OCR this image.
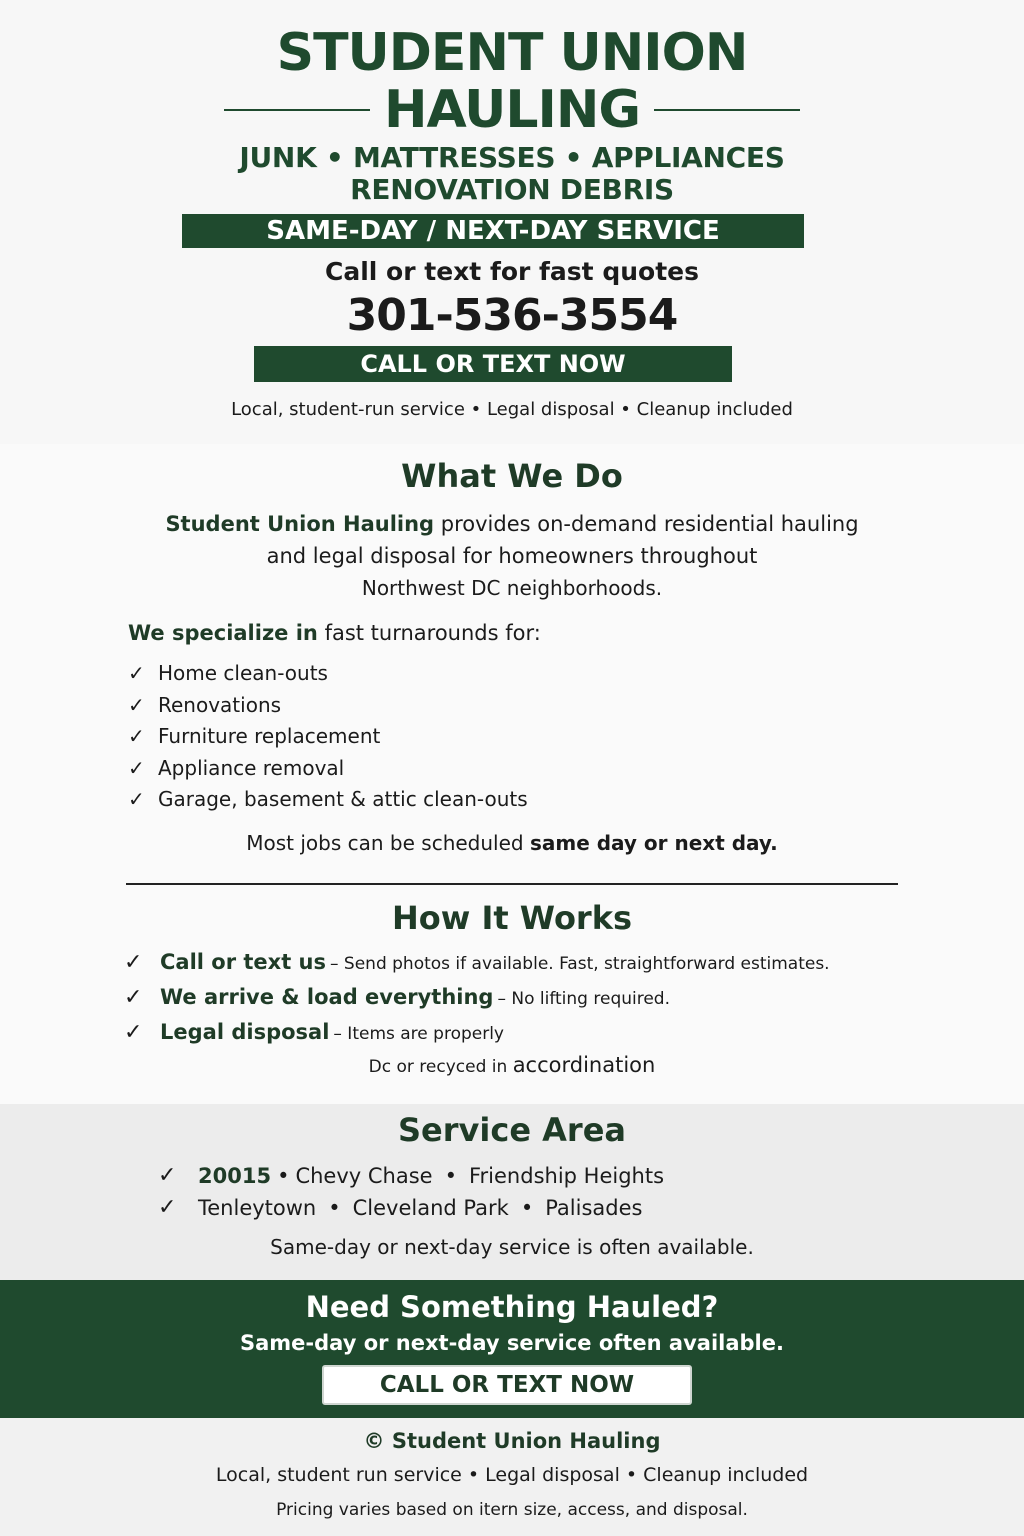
STUDENT UNION
HAULING
JUNK • MATTRESSES • APPLIANCES
RENOVATION DEBRIS
SAME-DAY / NEXT-DAY SERVICE
Call or text for fast quotes
301-536-3554
CALL OR TEXT NOW
Local, student-run service • Legal disposal • Cleanup included
What We Do
Student Union Hauling provides on-demand residential hauling
and legal disposal for homeowners throughout
Northwest DC neighborhoods.
We specialize in fast turnarounds for:
✓ Home clean-outs
✓ Renovations
✓ Furniture replacement
✓ Appliance removal
✓ Garage, basement & attic clean-outs
Most jobs can be scheduled same day or next day.
How It Works
✓ Call or text us – Send photos if available. Fast, straightforward estimates.
✓ We arrive & load everything – No lifting required.
✓ Legal disposal – Items are properly
Dc or recyced in accordination
Service Area
✓	20015 • Chevy Chase • Friendship Heights
✓	Tenleytown • Cleveland Park • Palisades
Same-day or next-day service is often available.
Need Something Hauled?
Same-day or next-day service often available.
CALL OR TEXT NOW
© Student Union Hauling
Local, student run service • Legal disposal • Cleanup included
Pricing varies based on itern size, access, and disposal.
